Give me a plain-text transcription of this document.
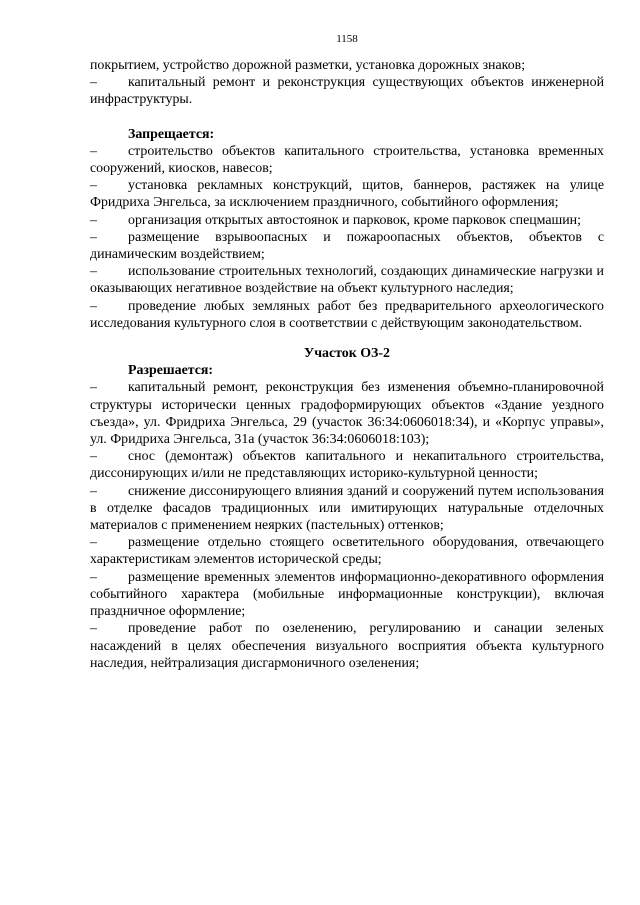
1158

покрытием, устройство дорожной разметки, установка дорожных знаков;

– капитальный ремонт и реконструкция существующих объектов инженерной инфраструктуры.

Запрещается:

– строительство объектов капитального строительства, установка временных сооружений, киосков, навесов;

– установка рекламных конструкций, щитов, баннеров, растяжек на улице Фридриха Энгельса, за исключением праздничного, событийного оформления;

– организация открытых автостоянок и парковок, кроме парковок спецмашин;

– размещение взрывоопасных и пожароопасных объектов, объектов с динамическим воздействием;

– использование строительных технологий, создающих динамические нагрузки и оказывающих негативное воздействие на объект культурного наследия;

– проведение любых земляных работ без предварительного археологического исследования культурного слоя в соответствии с действующим законодательством.

Участок ОЗ-2

Разрешается:

– капитальный ремонт, реконструкция без изменения объемно-планировочной структуры исторически ценных градоформирующих объектов «Здание уездного съезда», ул. Фридриха Энгельса, 29 (участок 36:34:0606018:34), и «Корпус управы», ул. Фридриха Энгельса, 31а (участок 36:34:0606018:103);

– снос (демонтаж) объектов капитального и некапитального строительства, диссонирующих и/или не представляющих историко-культурной ценности;

– снижение диссонирующего влияния зданий и сооружений путем использования в отделке фасадов традиционных или имитирующих натуральные отделочных материалов с применением неярких (пастельных) оттенков;

– размещение отдельно стоящего осветительного оборудования, отвечающего характеристикам элементов исторической среды;

– размещение временных элементов информационно-декоративного оформления событийного характера (мобильные информационные конструкции), включая праздничное оформление;

– проведение работ по озеленению, регулированию и санации зеленых насаждений в целях обеспечения визуального восприятия объекта культурного наследия, нейтрализация дисгармоничного озеленения;
